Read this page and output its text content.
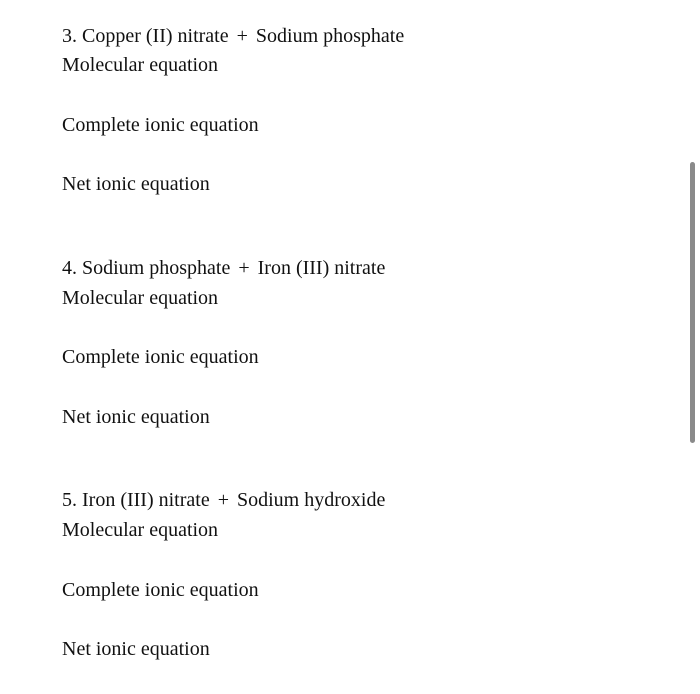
3. Copper (II) nitrate + Sodium phosphate
Molecular equation
Complete ionic equation
Net ionic equation
4. Sodium phosphate + Iron (III) nitrate
Molecular equation
Complete ionic equation
Net ionic equation
5. Iron (III) nitrate + Sodium hydroxide
Molecular equation
Complete ionic equation
Net ionic equation
